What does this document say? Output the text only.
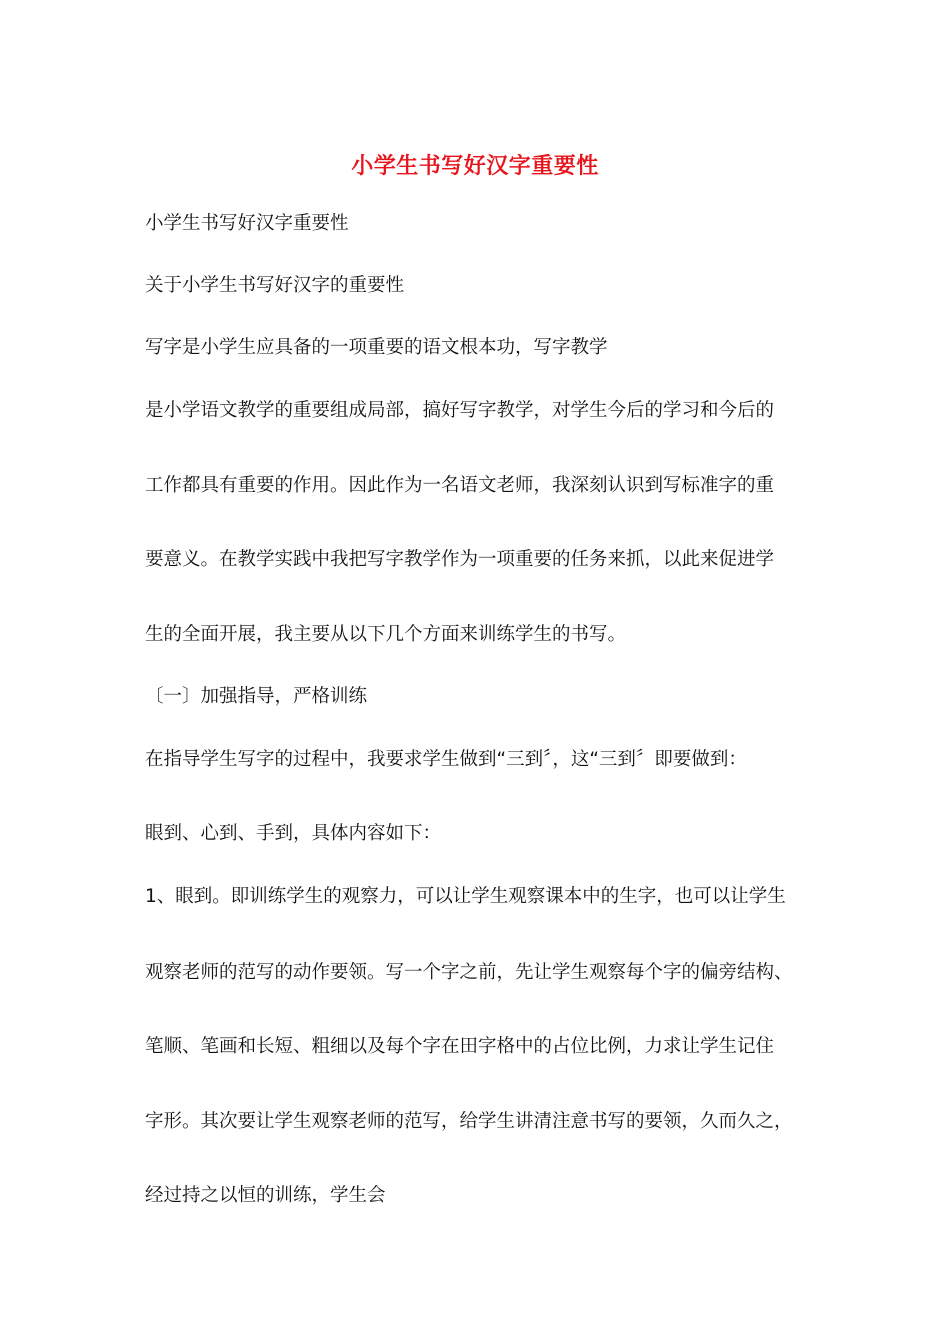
小学生书写好汉字重要性
小学生书写好汉字重要性
关于小学生书写好汉字的重要性
写字是小学生应具备的一项重要的语文根本功，写字教学
是小学语文教学的重要组成局部，搞好写字教学，对学生今后的学习和今后的
工作都具有重要的作用。因此作为一名语文老师，我深刻认识到写标准字的重
要意义。在教学实践中我把写字教学作为一项重要的任务来抓，以此来促进学
生的全面开展，我主要从以下几个方面来训练学生的书写。
〔一〕加强指导，严格训练
在指导学生写字的过程中，我要求学生做到“三到〞，这“三到〞即要做到：
眼到、心到、手到，具体内容如下：
1、眼到。即训练学生的观察力，可以让学生观察课本中的生字，也可以让学生
观察老师的范写的动作要领。写一个字之前，先让学生观察每个字的偏旁结构、
笔顺、笔画和长短、粗细以及每个字在田字格中的占位比例，力求让学生记住
字形。其次要让学生观察老师的范写，给学生讲清注意书写的要领，久而久之，
经过持之以恒的训练，学生会
